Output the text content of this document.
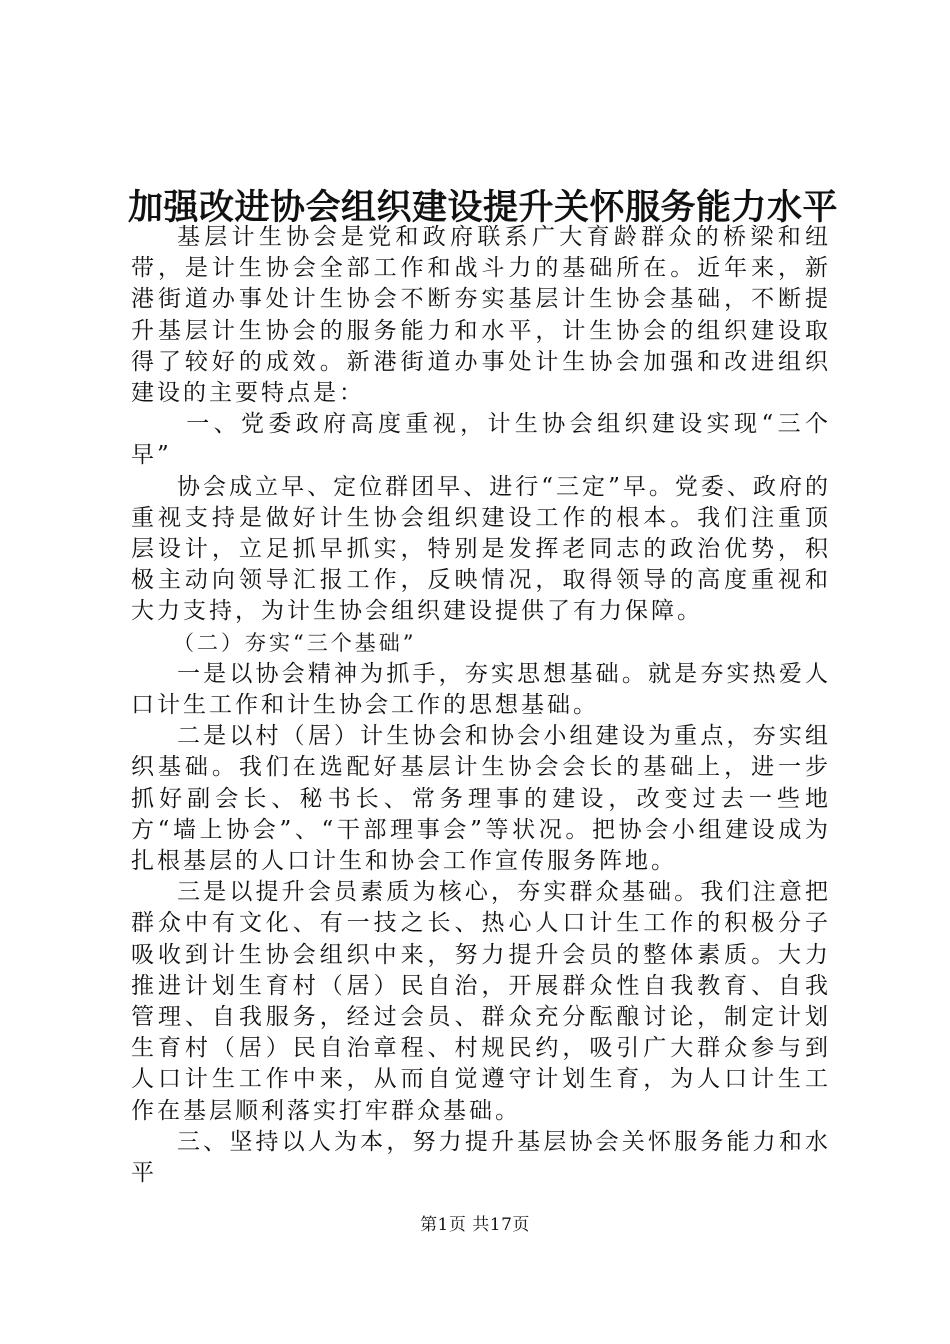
加强改进协会组织建设提升关怀服务能力水平

基层计生协会是党和政府联系广大育龄群众的桥梁和纽带，是计生协会全部工作和战斗力的基础所在。近年来，新港街道办事处计生协会不断夯实基层计生协会基础，不断提升基层计生协会的服务能力和水平，计生协会的组织建设取得了较好的成效。新港街道办事处计生协会加强和改进组织建设的主要特点是：

一、党委政府高度重视，计生协会组织建设实现“三个早”

协会成立早、定位群团早、进行“三定”早。党委、政府的重视支持是做好计生协会组织建设工作的根本。我们注重顶层设计，立足抓早抓实，特别是发挥老同志的政治优势，积极主动向领导汇报工作，反映情况，取得领导的高度重视和大力支持，为计生协会组织建设提供了有力保障。

（二）夯实“三个基础”

一是以协会精神为抓手，夯实思想基础。就是夯实热爱人口计生工作和计生协会工作的思想基础。

二是以村（居）计生协会和协会小组建设为重点，夯实组织基础。我们在选配好基层计生协会会长的基础上，进一步抓好副会长、秘书长、常务理事的建设，改变过去一些地方“墙上协会”、“干部理事会”等状况。把协会小组建设成为扎根基层的人口计生和协会工作宣传服务阵地。

三是以提升会员素质为核心，夯实群众基础。我们注意把群众中有文化、有一技之长、热心人口计生工作的积极分子吸收到计生协会组织中来，努力提升会员的整体素质。大力推进计划生育村（居）民自治，开展群众性自我教育、自我管理、自我服务，经过会员、群众充分酝酿讨论，制定计划生育村（居）民自治章程、村规民约，吸引广大群众参与到人口计生工作中来，从而自觉遵守计划生育，为人口计生工作在基层顺利落实打牢群众基础。

三、坚持以人为本，努力提升基层协会关怀服务能力和水平

第1页 共17页
